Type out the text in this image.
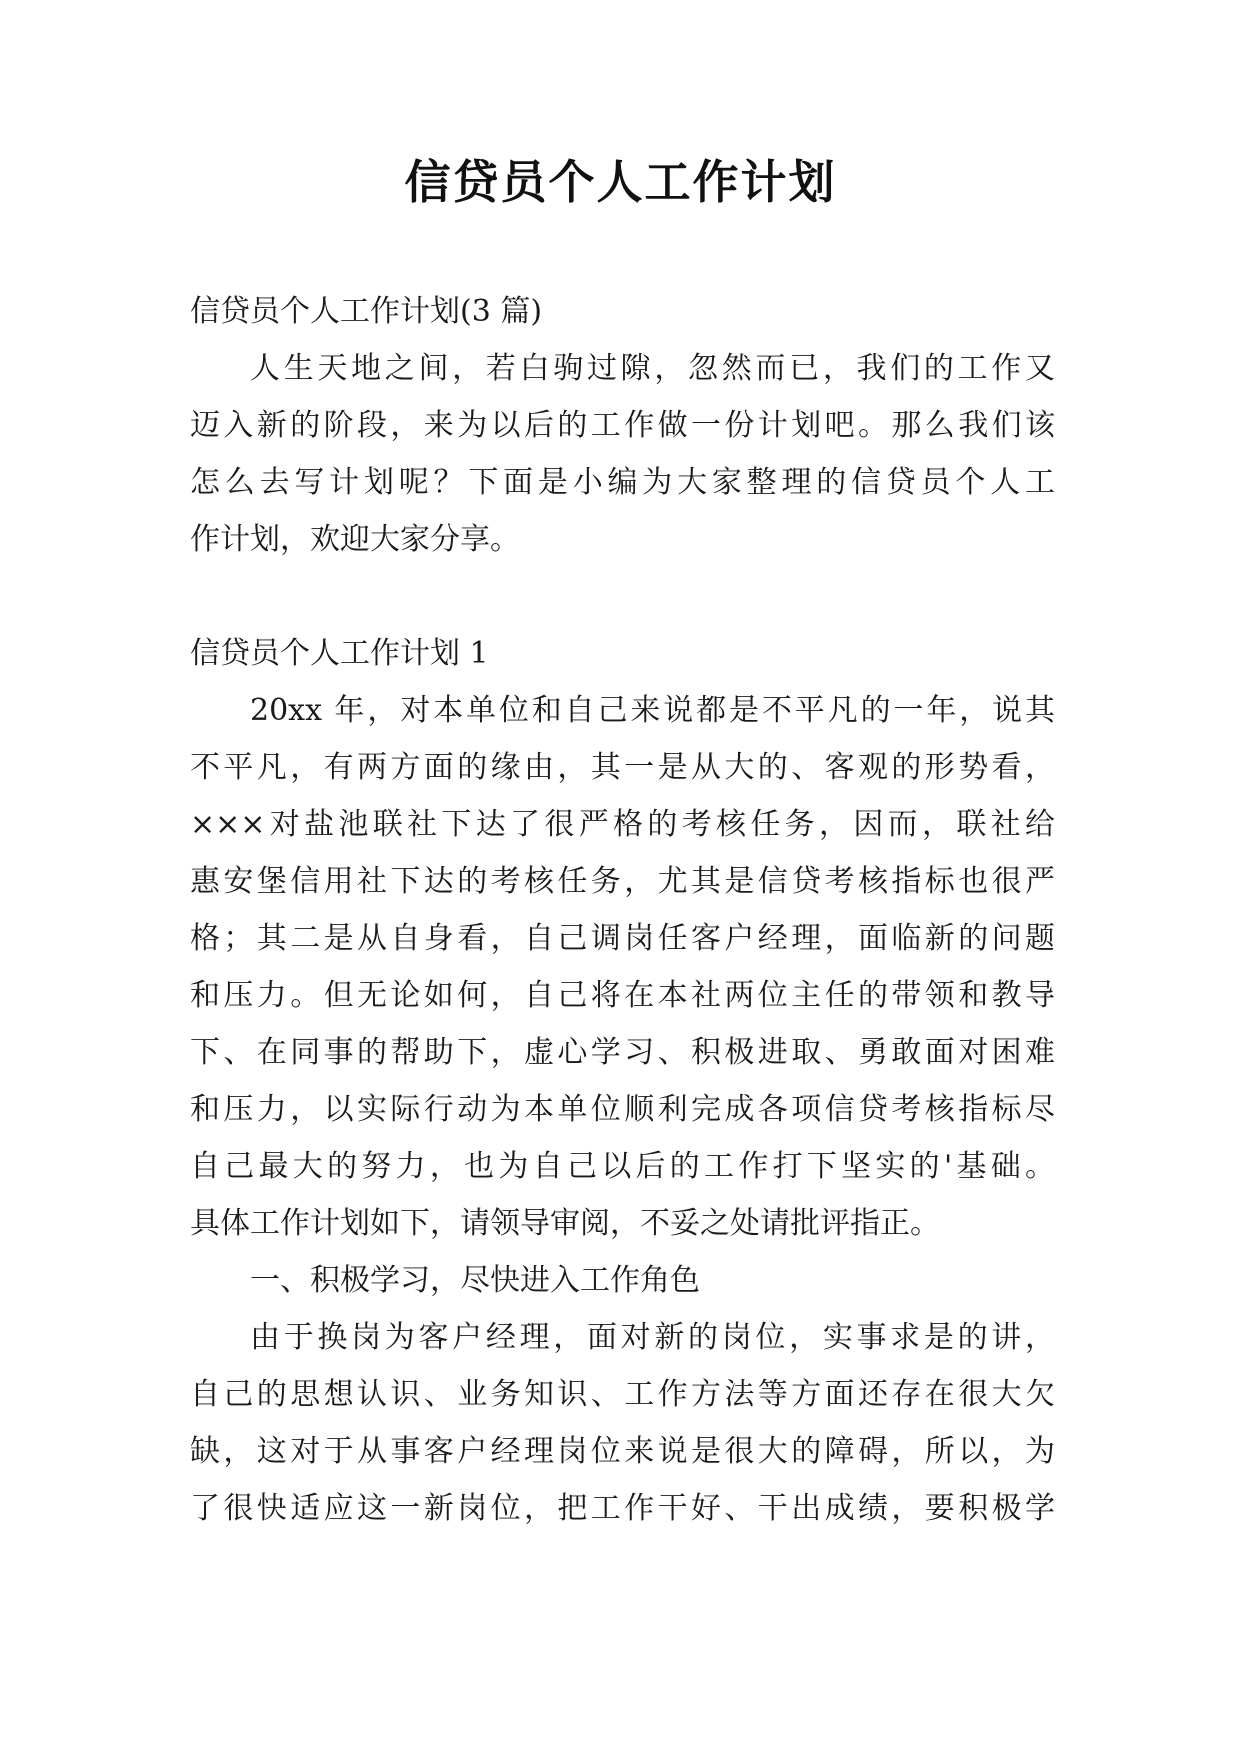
信贷员个人工作计划
信贷员个人工作计划(3 篇)
人生天地之间，若白驹过隙，忽然而已，我们的工作又
迈入新的阶段，来为以后的工作做一份计划吧。那么我们该
怎么去写计划呢？下面是小编为大家整理的信贷员个人工
作计划，欢迎大家分享。
信贷员个人工作计划 1
20xx 年，对本单位和自己来说都是不平凡的一年，说其
不平凡，有两方面的缘由，其一是从大的、客观的形势看，
×××对盐池联社下达了很严格的考核任务，因而，联社给
惠安堡信用社下达的考核任务，尤其是信贷考核指标也很严
格；其二是从自身看，自己调岗任客户经理，面临新的问题
和压力。但无论如何，自己将在本社两位主任的带领和教导
下、在同事的帮助下，虚心学习、积极进取、勇敢面对困难
和压力，以实际行动为本单位顺利完成各项信贷考核指标尽
自己最大的努力，也为自己以后的工作打下坚实的'基础。
具体工作计划如下，请领导审阅，不妥之处请批评指正。
一、积极学习，尽快进入工作角色
由于换岗为客户经理，面对新的岗位，实事求是的讲，
自己的思想认识、业务知识、工作方法等方面还存在很大欠
缺，这对于从事客户经理岗位来说是很大的障碍，所以，为
了很快适应这一新岗位，把工作干好、干出成绩，要积极学
